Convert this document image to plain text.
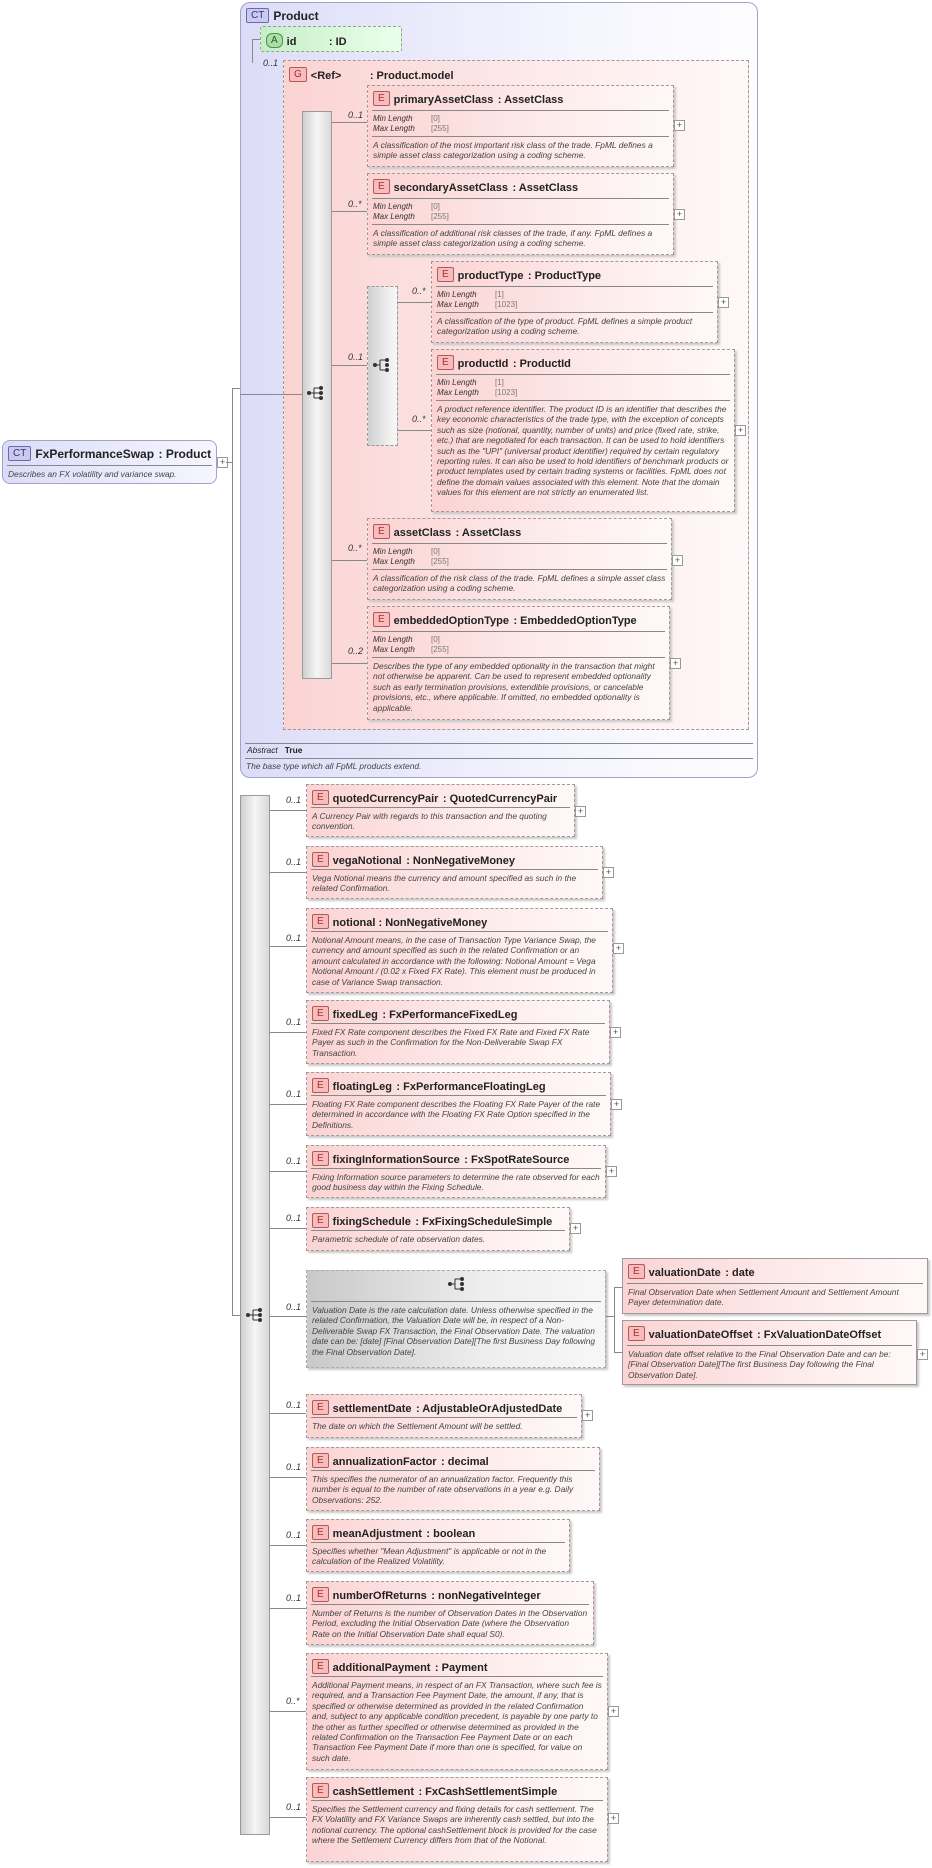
CT FxPerformanceSwap : Product
Describes an FX volatility and variance swap.
+
CT Product
Abstract True
The base type which all FpML products extend.
A id	: ID
0..1
G <Ref>	: Product.model
0..1
E primaryAssetClass : AssetClass
Min Length [0]

Max Length [255]
A classification of the most important risk class of the trade. FpML defines a simple asset class categorization using a coding scheme.
+
0..*
E secondaryAssetClass : AssetClass
Min Length [0]

Max Length [255]
A classification of additional risk classes of the trade, if any. FpML defines a simple asset class categorization using a coding scheme.
+
0..1
0..*
E productType : ProductType
Min Length [1]

Max Length [1023]
A classification of the type of product. FpML defines a simple product categorization using a coding scheme.
+
0..*
E productId : ProductId
Min Length [1]

Max Length [1023]
A product reference identifier. The product ID is an identifier that describes the key economic characteristics of the trade type, with the exception of concepts such as size (notional, quantity, number of units) and price (fixed rate, strike, etc.) that are negotiated for each transaction. It can be used to hold identifiers such as the "UPI" (universal product identifier) required by certain regulatory reporting rules. It can also be used to hold identifiers of benchmark products or product templates used by certain trading systems or facilities. FpML does not define the domain values associated with this element. Note that the domain values for this element are not strictly an enumerated list.
+
0..*
E assetClass : AssetClass
Min Length [0]

Max Length [255]
A classification of the risk class of the trade. FpML defines a simple asset class categorization using a coding scheme.
+
0..2
E embeddedOptionType : EmbeddedOptionType
Min Length [0]

Max Length [255]
Describes the type of any embedded optionality in the transaction that might not otherwise be apparent. Can be used to represent embedded optionality such as early termination provisions, extendible provisions, or cancelable provisions, etc., where applicable. If omitted, no embedded optionality is applicable.
+
0..1	E quotedCurrencyPair : QuotedCurrencyPair
A Currency Pair with regards to this transaction and the quoting convention.
+
0..1	E vegaNotional : NonNegativeMoney
Vega Notional means the currency and amount specified as such in the related Confirmation.
+
0..1
E notional : NonNegativeMoney
Notional Amount means, in the case of Transaction Type Variance Swap, the currency and amount specified as such in the related Confirmation or an amount calculated in accordance with the following: Notional Amount = Vega Notional Amount / (0.02 x Fixed FX Rate). This element must be produced in case of Variance Swap transaction.
+
0..1
E fixedLeg : FxPerformanceFixedLeg
Fixed FX Rate component describes the Fixed FX Rate and Fixed FX Rate Payer as such in the Confirmation for the Non-Deliverable Swap FX Transaction.
+
0..1
E floatingLeg : FxPerformanceFloatingLeg
Floating FX Rate component describes the Floating FX Rate Payer of the rate determined in accordance with the Floating FX Rate Option specified in the Definitions.
+
0..1	E fixingInformationSource : FxSpotRateSource
Fixing Information source parameters to determine the rate observed for each good business day within the Fixing Schedule.
+
0..1	E fixingSchedule : FxFixingScheduleSimple
Parametric schedule of rate observation dates.
+
0..1 Valuation Date is the rate calculation date. Unless otherwise specified in the related Confirmation, the Valuation Date will be, in respect of a Non-Deliverable Swap FX Transaction, the Final Observation Date. The valuation date can be: [date] [Final Observation Date][The first Business Day following the Final Observation Date].
E valuationDate : date
Final Observation Date when Settlement Amount and Settlement Amount Payer determination date.
E valuationDateOffset : FxValuationDateOffset
Valuation date offset relative to the Final Observation Date and can be: [Final Observation Date][The first Business Day following the Final Observation Date].
+
0..1	E settlementDate : AdjustableOrAdjustedDate
The date on which the Settlement Amount will be settled.
+
0..1
E annualizationFactor : decimal
This specifies the numerator of an annualization factor. Frequently this number is equal to the number of rate observations in a year e.g. Daily Observations: 252.
0..1	E meanAdjustment : boolean
Specifies whether "Mean Adjustment" is applicable or not in the calculation of the Realized Volatility.
0..1	E numberOfReturns : nonNegativeInteger
Number of Returns is the number of Observation Dates in the Observation Period, excluding the Initial Observation Date (where the Observation Rate on the Initial Observation Date shall equal S0).
0..*
E additionalPayment : Payment
Additional Payment means, in respect of an FX Transaction, where such fee is required, and a Transaction Fee Payment Date, the amount, if any, that is specified or otherwise determined as provided in the related Confirmation and, subject to any applicable condition precedent, is payable by one party to the other as further specified or otherwise determined as provided in the related Confirmation on the Transaction Fee Payment Date or on each Transaction Fee Payment Date if more than one is specified, for value on such date.
+
0..1
E cashSettlement : FxCashSettlementSimple
Specifies the Settlement currency and fixing details for cash settlement. The FX Volatility and FX Variance Swaps are inherently cash settled, but into the notional currency. The optional cashSettlement block is provided for the case where the Settlement Currency differs from that of the Notional.
+
